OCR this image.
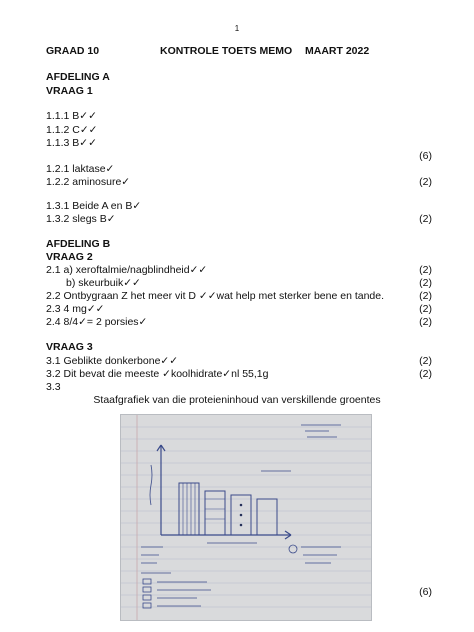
1
GRAAD 10	KONTROLE TOETS MEMO MAART 2022
AFDELING A
VRAAG 1
1.1.1 B✓✓
1.1.2 C✓✓
1.1.3 B✓✓
(6)
1.2.1 laktase✓
1.2.2 aminosure✓	(2)
1.3.1 Beide A en B✓
1.3.2 slegs B✓	(2)
AFDELING B
VRAAG 2
2.1 a) xeroftalmie/nagblindheid✓✓	(2)
b) skeurbuik✓✓	(2)
2.2 Ontbygraan Z het meer vit D ✓✓wat help met sterker bene en tande.	(2)
2.3 4 mg✓✓	(2)
2.4 8/4✓= 2 porsies✓	(2)
VRAAG 3
3.1 Geblikte donkerbone✓✓	(2)
3.2 Dit bevat die meeste ✓koolhidrate✓nl 55,1g	(2)
3.3
Staafgrafiek van die proteieninhoud van verskillende groentes
(6)
